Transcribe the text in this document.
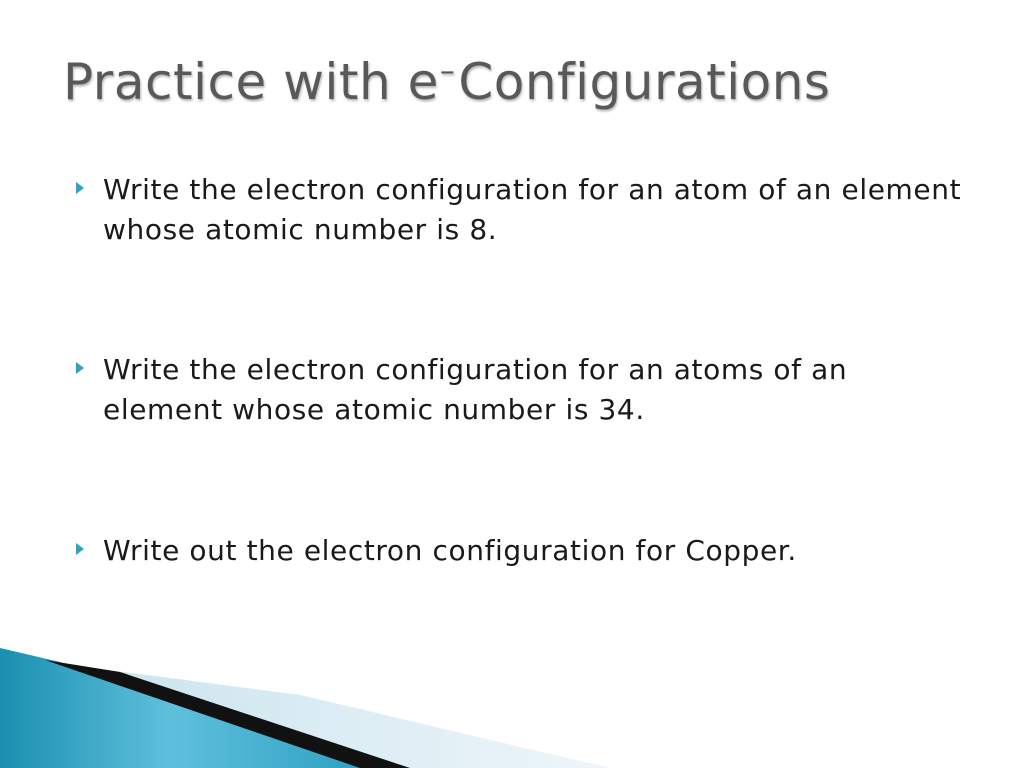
Practice with e–Configurations
Write the electron configuration for an atom of an element whose atomic number is 8.
Write the electron configuration for an atoms of an element whose atomic number is 34.
Write out the electron configuration for Copper.
